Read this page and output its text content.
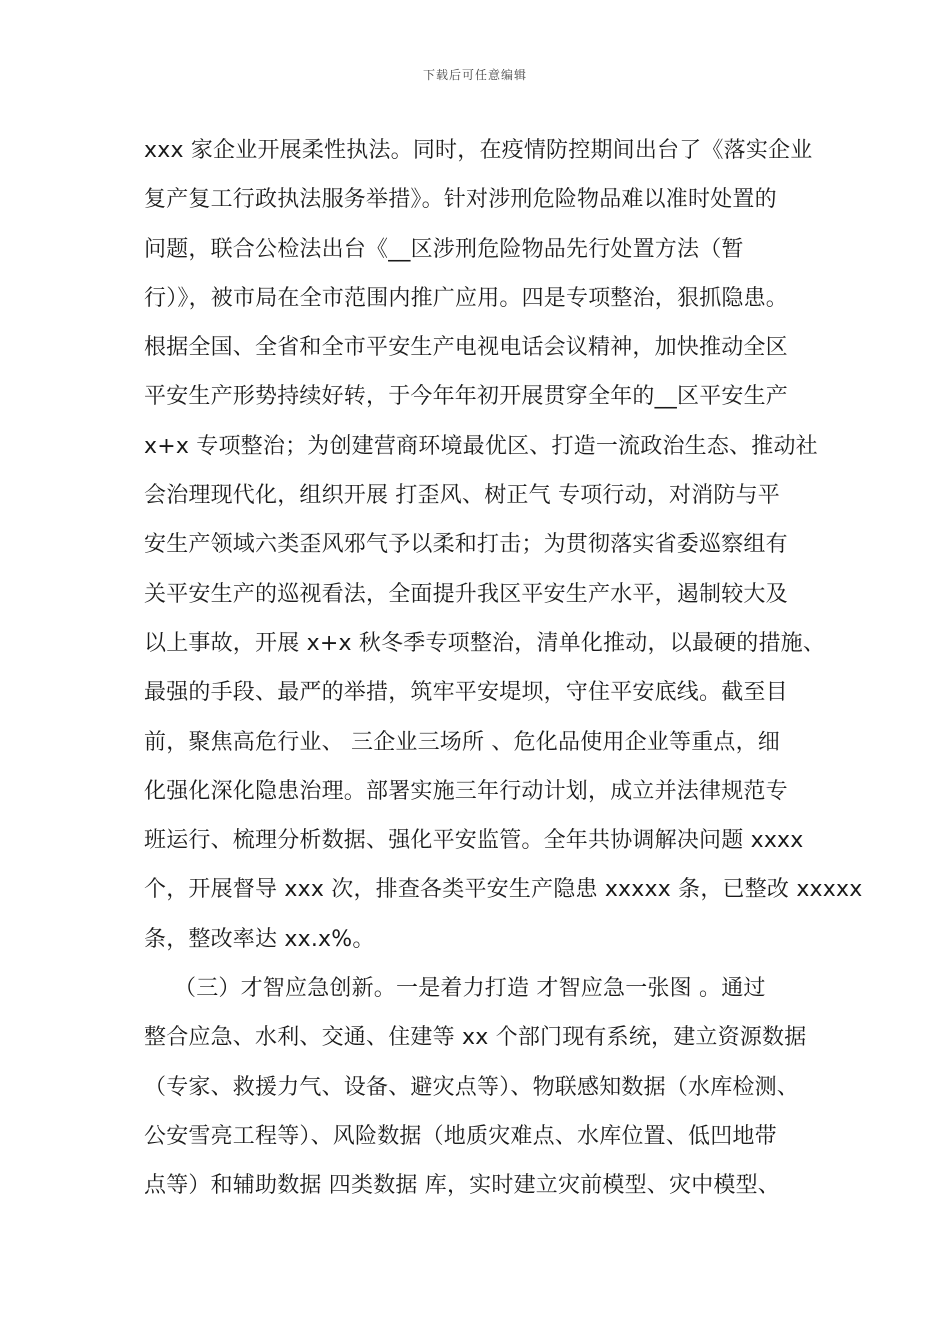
下载后可任意编辑
xxx 家企业开展柔性执法。同时，在疫情防控期间出台了《落实企业
复产复工行政执法服务举措》。针对涉刑危险物品难以准时处置的
问题，联合公检法出台《__区涉刑危险物品先行处置方法（暂
行）》，被市局在全市范围内推广应用。四是专项整治，狠抓隐患。
根据全国、全省和全市平安生产电视电话会议精神，加快推动全区
平安生产形势持续好转，于今年年初开展贯穿全年的__区平安生产
x+x 专项整治；为创建营商环境最优区、打造一流政治生态、推动社
会治理现代化，组织开展 打歪风、树正气 专项行动，对消防与平
安生产领域六类歪风邪气予以柔和打击；为贯彻落实省委巡察组有
关平安生产的巡视看法，全面提升我区平安生产水平，遏制较大及
以上事故，开展 x+x 秋冬季专项整治，清单化推动，以最硬的措施、
最强的手段、最严的举措，筑牢平安堤坝，守住平安底线。截至目
前，聚焦高危行业、 三企业三场所 、危化品使用企业等重点，细
化强化深化隐患治理。部署实施三年行动计划，成立并法律规范专
班运行、梳理分析数据、强化平安监管。全年共协调解决问题 xxxx
个，开展督导 xxx 次，排查各类平安生产隐患 xxxxx 条，已整改 xxxxx
条，整改率达 xx.x%。
（三）才智应急创新。一是着力打造 才智应急一张图 。通过
整合应急、水利、交通、住建等 xx 个部门现有系统，建立资源数据
（专家、救援力气、设备、避灾点等）、物联感知数据（水库检测、
公安雪亮工程等）、风险数据（地质灾难点、水库位置、低凹地带
点等）和辅助数据 四类数据 库，实时建立灾前模型、灾中模型、
